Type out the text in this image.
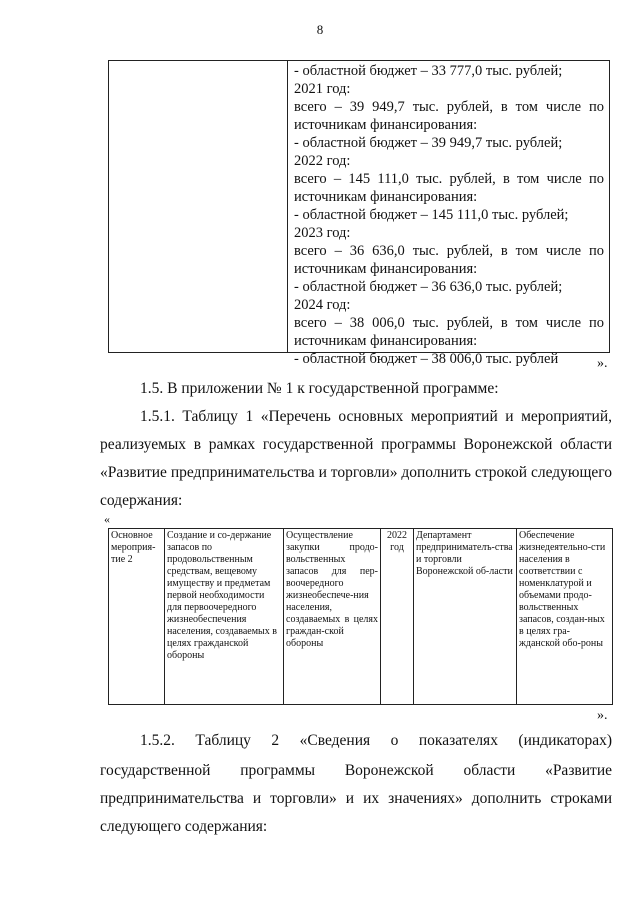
8
- областной бюджет – 33 777,0 тыс. рублей;
2021 год:
всего – 39 949,7 тыс. рублей, в том числе по
источникам финансирования:
- областной бюджет – 39 949,7 тыс. рублей;
2022 год:
всего – 145 111,0 тыс. рублей, в том числе по
источникам финансирования:
- областной бюджет – 145 111,0 тыс. рублей;
2023 год:
всего – 36 636,0 тыс. рублей, в том числе по
источникам финансирования:
- областной бюджет – 36 636,0 тыс. рублей;
2024 год:
всего – 38 006,0 тыс. рублей, в том числе по
источникам финансирования:
- областной бюджет – 38 006,0 тыс. рублей	».
1.5. В приложении № 1 к государственной программе:
1.5.1. Таблицу 1 «Перечень основных мероприятий и мероприятий,
реализуемых в рамках государственной программы Воронежской области
«Развитие предпринимательства и торговли» дополнить строкой следующего
содержания:
«
Основное мероприя-тие 2	Создание и со-держание запасов по продовольственным средствам, вещевому имуществу и предметам первой необходимости для первоочередного жизнеобеспечения населения, создаваемых в целях гражданской обороны	Осуществление закупки продо-вольственных запасов для пер-воочередного жизнеобеспече-ния населения, создаваемых в целях граждан-ской обороны	2022 год	Департамент предпринимателъ-ства и торговли Воронежской об-ласти	Обеспечение жизнедеятельно-сти населения в соответствии с номенклатурой и объемами продо-вольственных запасов, создан-ных в целях гра-жданской обо-роны
».
1.5.2. Таблицу 2 «Сведения о показателях (индикаторах)
государственной программы Воронежской области «Развитие
предпринимательства и торговли» и их значениях» дополнить строками
следующего содержания:
